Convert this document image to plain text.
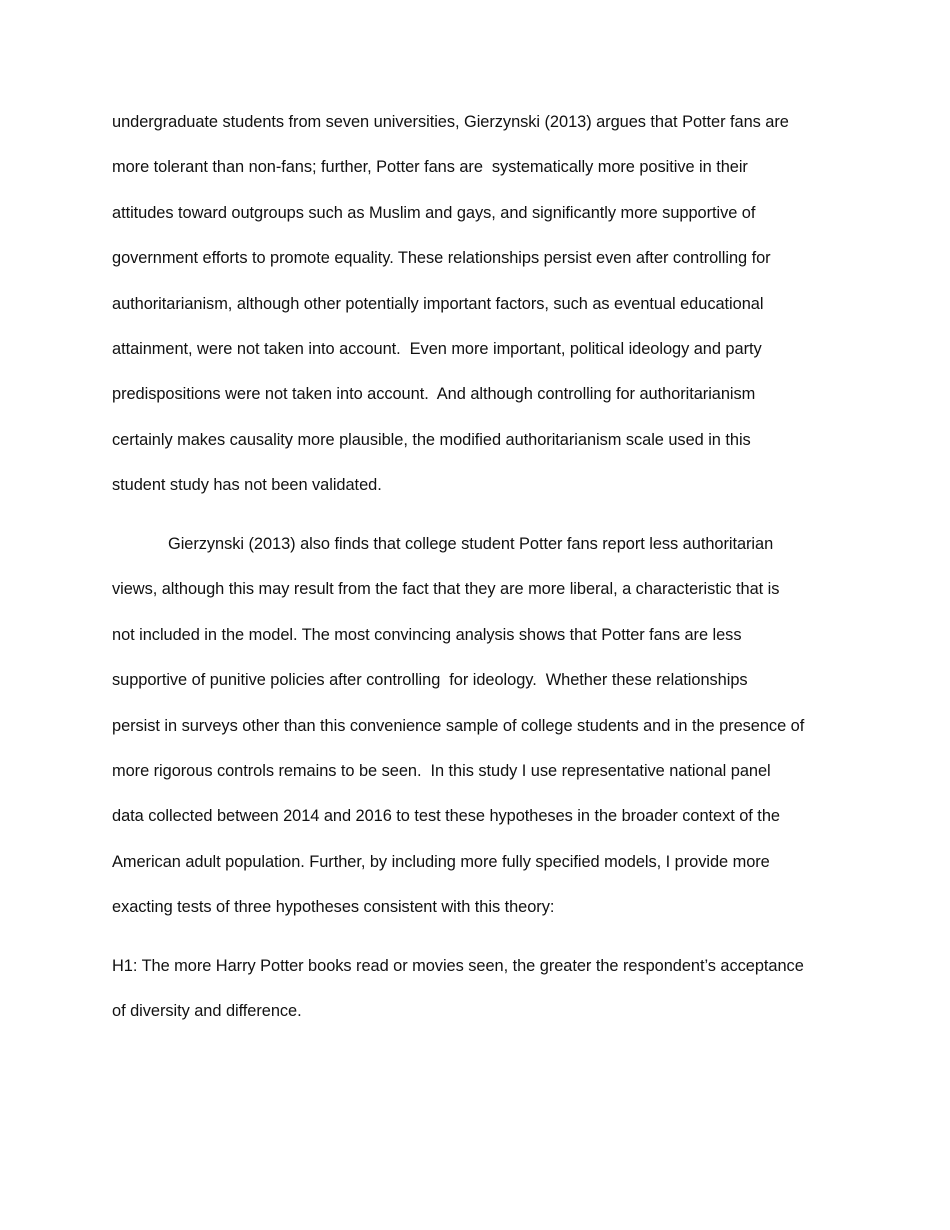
undergraduate students from seven universities, Gierzynski (2013) argues that Potter fans are
more tolerant than non-fans; further, Potter fans are  systematically more positive in their
attitudes toward outgroups such as Muslim and gays, and significantly more supportive of
government efforts to promote equality. These relationships persist even after controlling for
authoritarianism, although other potentially important factors, such as eventual educational
attainment, were not taken into account.  Even more important, political ideology and party
predispositions were not taken into account.  And although controlling for authoritarianism
certainly makes causality more plausible, the modified authoritarianism scale used in this
student study has not been validated.
Gierzynski (2013) also finds that college student Potter fans report less authoritarian
views, although this may result from the fact that they are more liberal, a characteristic that is
not included in the model. The most convincing analysis shows that Potter fans are less
supportive of punitive policies after controlling  for ideology.  Whether these relationships
persist in surveys other than this convenience sample of college students and in the presence of
more rigorous controls remains to be seen.  In this study I use representative national panel
data collected between 2014 and 2016 to test these hypotheses in the broader context of the
American adult population. Further, by including more fully specified models, I provide more
exacting tests of three hypotheses consistent with this theory:
H1: The more Harry Potter books read or movies seen, the greater the respondent’s acceptance
of diversity and difference.
